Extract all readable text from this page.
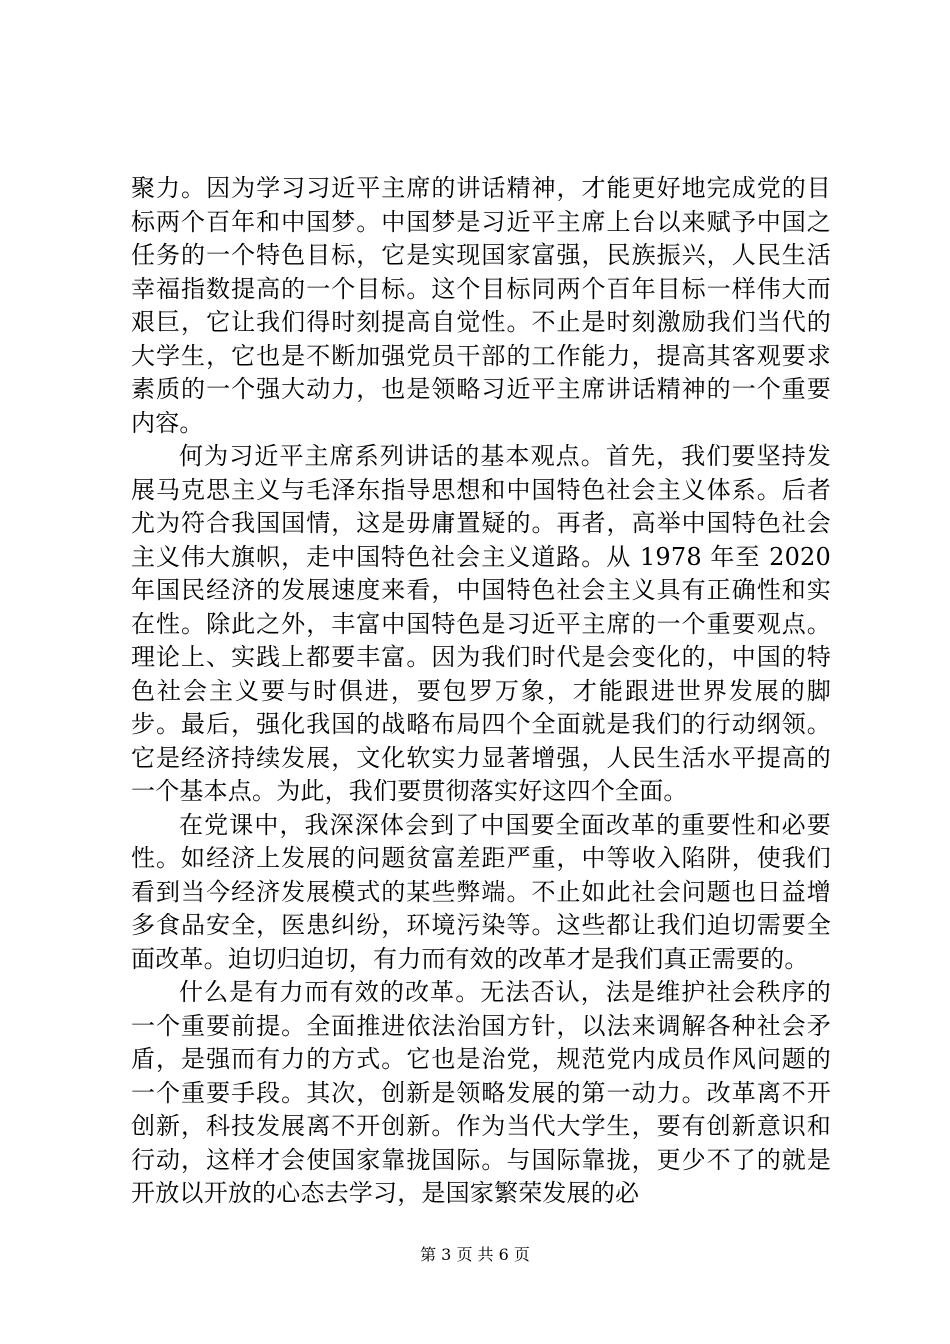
聚力。因为学习习近平主席的讲话精神，才能更好地完成党的目标两个百年和中国梦。中国梦是习近平主席上台以来赋予中国之任务的一个特色目标，它是实现国家富强，民族振兴，人民生活幸福指数提高的一个目标。这个目标同两个百年目标一样伟大而艰巨，它让我们得时刻提高自觉性。不止是时刻激励我们当代的大学生，它也是不断加强党员干部的工作能力，提高其客观要求素质的一个强大动力，也是领略习近平主席讲话精神的一个重要内容。

何为习近平主席系列讲话的基本观点。首先，我们要坚持发展马克思主义与毛泽东指导思想和中国特色社会主义体系。后者尤为符合我国国情，这是毋庸置疑的。再者，高举中国特色社会主义伟大旗帜，走中国特色社会主义道路。从 1978 年至 2020 年国民经济的发展速度来看，中国特色社会主义具有正确性和实在性。除此之外，丰富中国特色是习近平主席的一个重要观点。理论上、实践上都要丰富。因为我们时代是会变化的，中国的特色社会主义要与时俱进，要包罗万象，才能跟进世界发展的脚步。最后，强化我国的战略布局四个全面就是我们的行动纲领。它是经济持续发展，文化软实力显著增强，人民生活水平提高的一个基本点。为此，我们要贯彻落实好这四个全面。

在党课中，我深深体会到了中国要全面改革的重要性和必要性。如经济上发展的问题贫富差距严重，中等收入陷阱，使我们看到当今经济发展模式的某些弊端。不止如此社会问题也日益增多食品安全，医患纠纷，环境污染等。这些都让我们迫切需要全面改革。迫切归迫切，有力而有效的改革才是我们真正需要的。

什么是有力而有效的改革。无法否认，法是维护社会秩序的一个重要前提。全面推进依法治国方针，以法来调解各种社会矛盾，是强而有力的方式。它也是治党，规范党内成员作风问题的一个重要手段。其次，创新是领略发展的第一动力。改革离不开创新，科技发展离不开创新。作为当代大学生，要有创新意识和行动，这样才会使国家靠拢国际。与国际靠拢，更少不了的就是开放以开放的心态去学习，是国家繁荣发展的必

第 3 页 共 6 页
